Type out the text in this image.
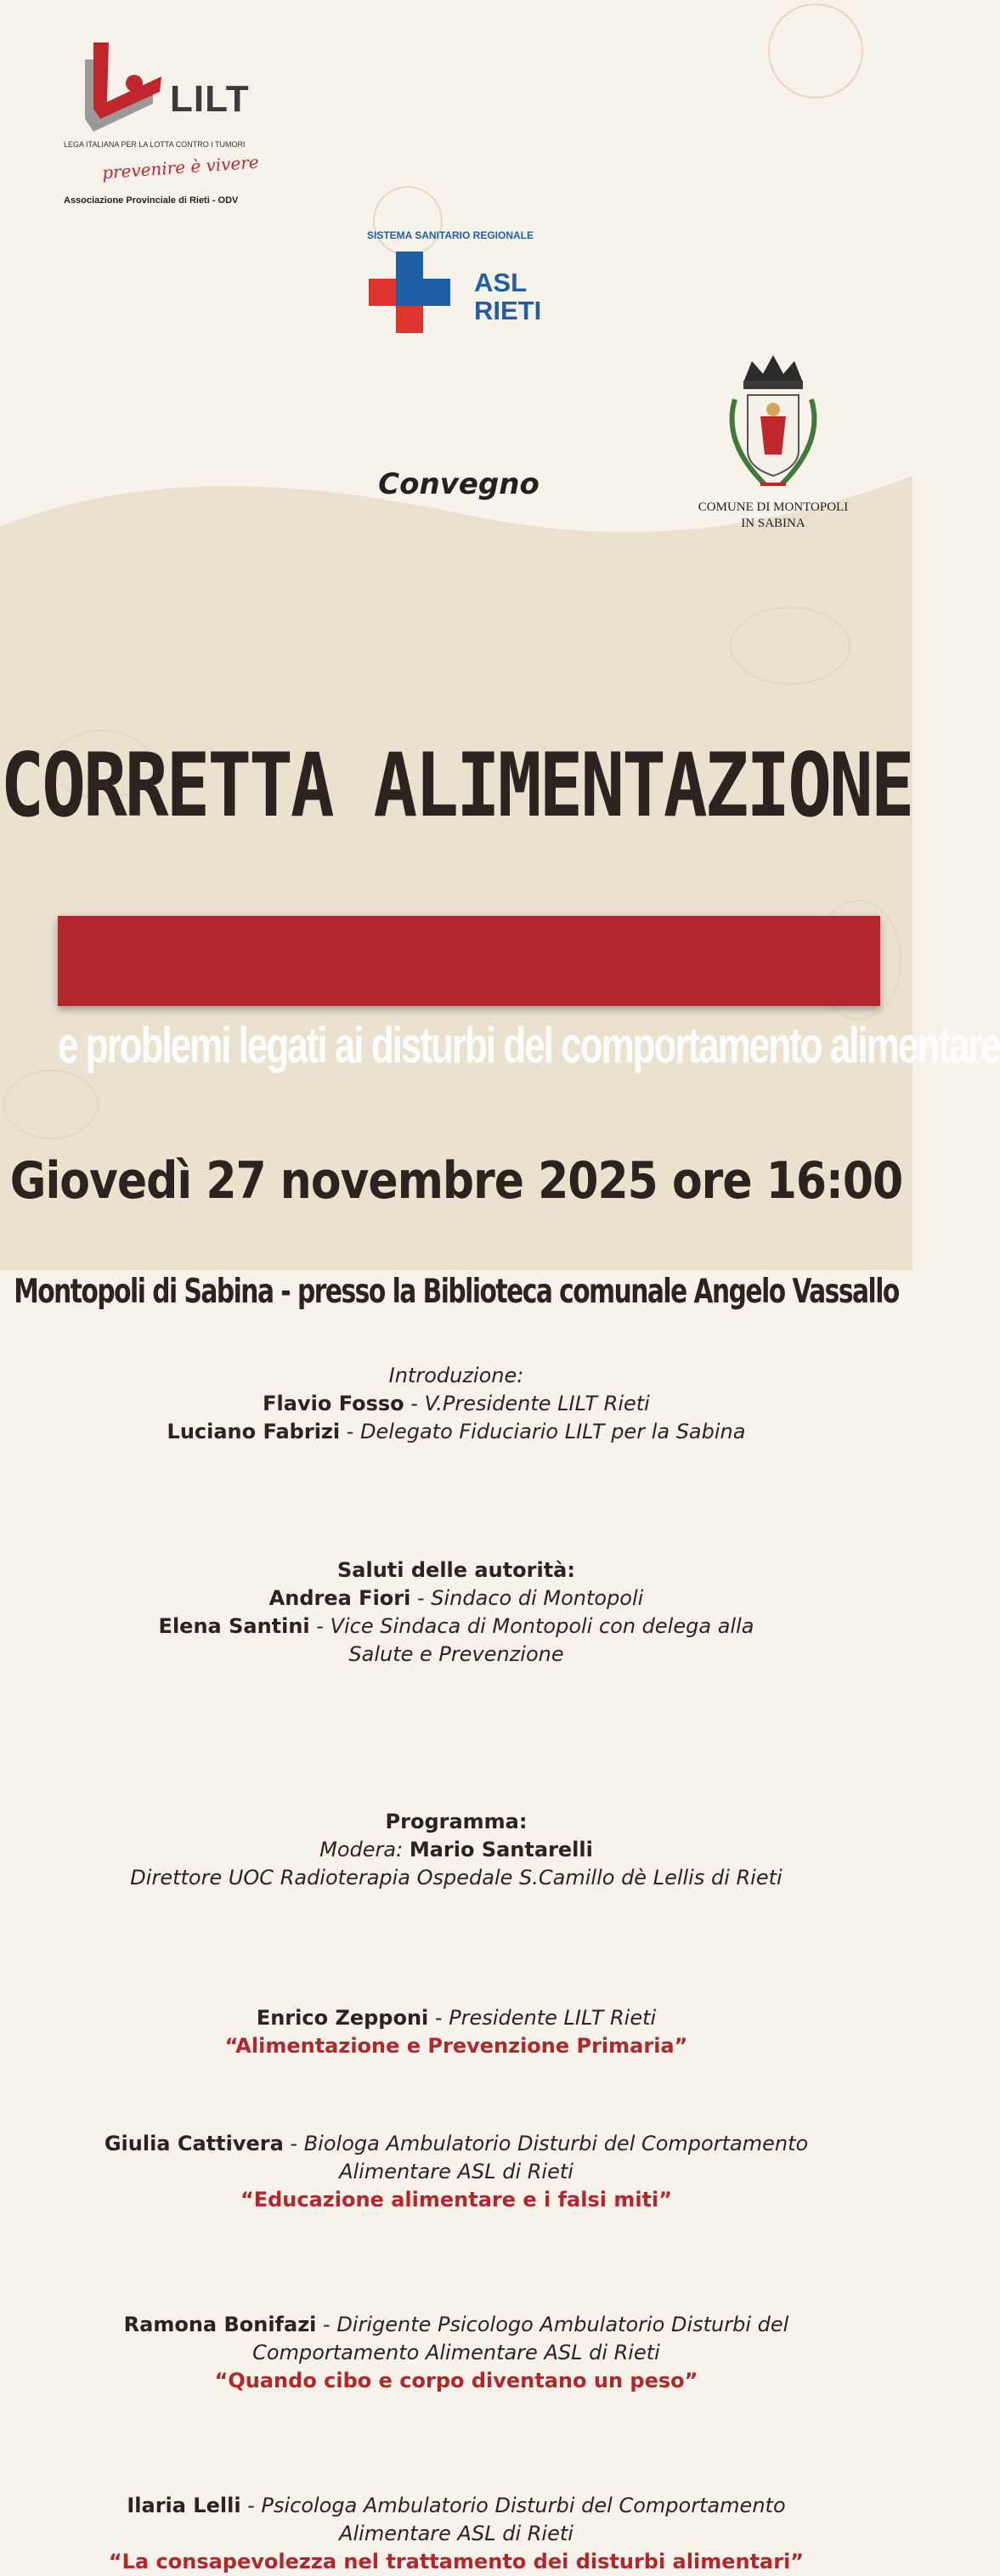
LILT
LEGA ITALIANA PER LA LOTTA CONTRO I TUMORI
prevenire è vivere
Associazione Provinciale di Rieti - ODV
SISTEMA SANITARIO REGIONALE
ASL
RIETI
Convegno
COMUNE DI MONTOPOLI
IN SABINA
CORRETTA ALIMENTAZIONE
e problemi legati ai disturbi del comportamento alimentare
Giovedì 27 novembre 2025 ore 16:00
Montopoli di Sabina - presso la Biblioteca comunale Angelo Vassallo
Introduzione:
Flavio Fosso - V.Presidente LILT Rieti
Luciano Fabrizi - Delegato Fiduciario LILT per la Sabina
Saluti delle autorità:
Andrea Fiori - Sindaco di Montopoli
Elena Santini - Vice Sindaca di Montopoli con delega alla
Salute e Prevenzione
Programma:
Modera: Mario Santarelli
Direttore UOC Radioterapia Ospedale S.Camillo dè Lellis di Rieti
Enrico Zepponi - Presidente LILT Rieti
“Alimentazione e Prevenzione Primaria”
Giulia Cattivera - Biologa Ambulatorio Disturbi del Comportamento
Alimentare ASL di Rieti
“Educazione alimentare e i falsi miti”
Ramona Bonifazi - Dirigente Psicologo Ambulatorio Disturbi del
Comportamento Alimentare ASL di Rieti
“Quando cibo e corpo diventano un peso”
Ilaria Lelli - Psicologa Ambulatorio Disturbi del Comportamento
Alimentare ASL di Rieti
“La consapevolezza nel trattamento dei disturbi alimentari”
